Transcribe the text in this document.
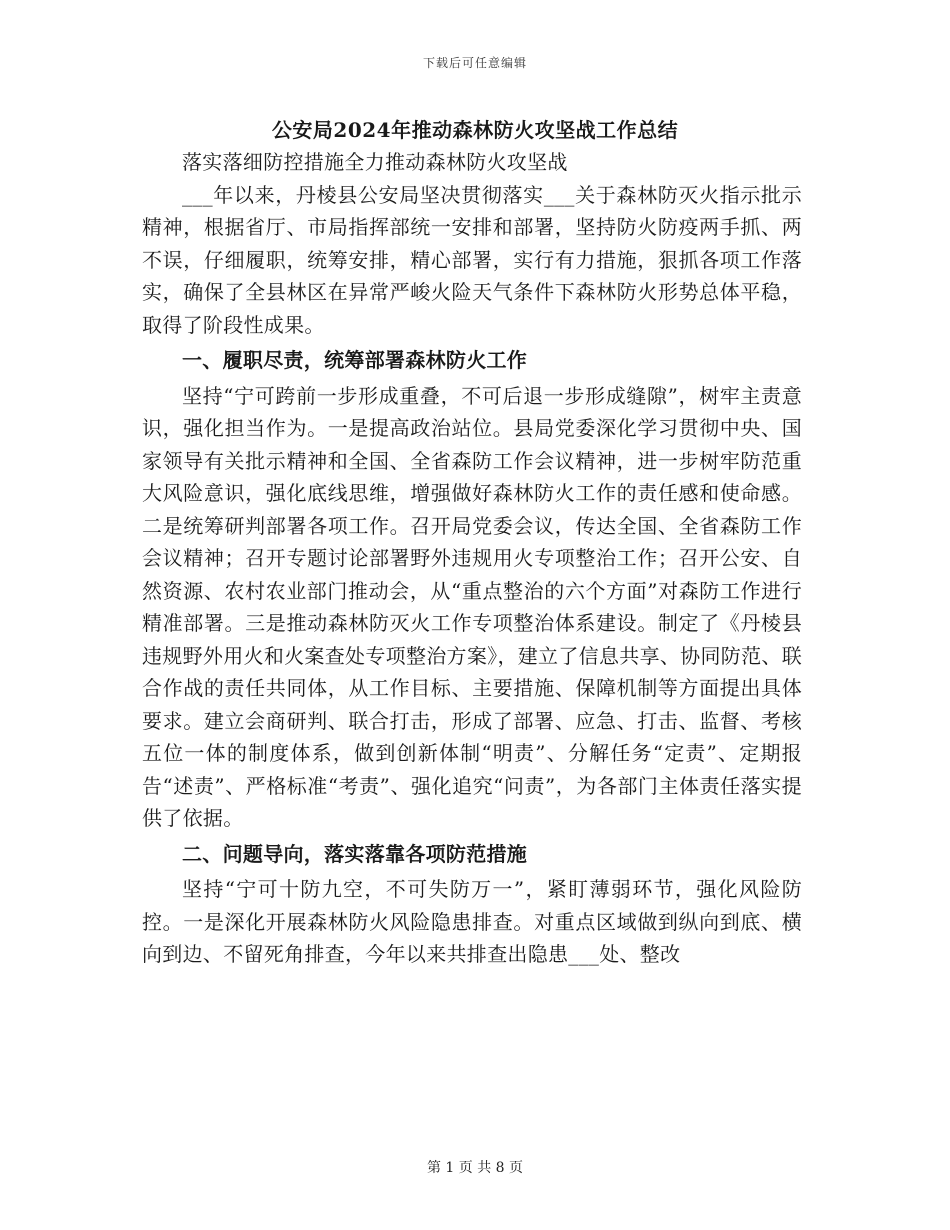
下载后可任意编辑
公安局2024年推动森林防火攻坚战工作总结

落实落细防控措施全力推动森林防火攻坚战

___年以来，丹棱县公安局坚决贯彻落实___关于森林防灭火指示批示精神，根据省厅、市局指挥部统一安排和部署，坚持防火防疫两手抓、两不误，仔细履职，统筹安排，精心部署，实行有力措施，狠抓各项工作落实，确保了全县林区在异常严峻火险天气条件下森林防火形势总体平稳，取得了阶段性成果。

一、履职尽责，统筹部署森林防火工作

坚持“宁可跨前一步形成重叠，不可后退一步形成缝隙”，树牢主责意识，强化担当作为。一是提高政治站位。县局党委深化学习贯彻中央、国家领导有关批示精神和全国、全省森防工作会议精神，进一步树牢防范重大风险意识，强化底线思维，增强做好森林防火工作的责任感和使命感。二是统筹研判部署各项工作。召开局党委会议，传达全国、全省森防工作会议精神；召开专题讨论部署野外违规用火专项整治工作；召开公安、自然资源、农村农业部门推动会，从“重点整治的六个方面”对森防工作进行精准部署。三是推动森林防灭火工作专项整治体系建设。制定了《丹棱县违规野外用火和火案查处专项整治方案》，建立了信息共享、协同防范、联合作战的责任共同体，从工作目标、主要措施、保障机制等方面提出具体要求。建立会商研判、联合打击，形成了部署、应急、打击、监督、考核五位一体的制度体系，做到创新体制“明责”、分解任务“定责”、定期报告“述责”、严格标准“考责”、强化追究“问责”，为各部门主体责任落实提供了依据。

二、问题导向，落实落靠各项防范措施

坚持“宁可十防九空，不可失防万一”，紧盯薄弱环节，强化风险防控。一是深化开展森林防火风险隐患排查。对重点区域做到纵向到底、横向到边、不留死角排查，今年以来共排查出隐患___处、整改

第 1 页 共 8 页
